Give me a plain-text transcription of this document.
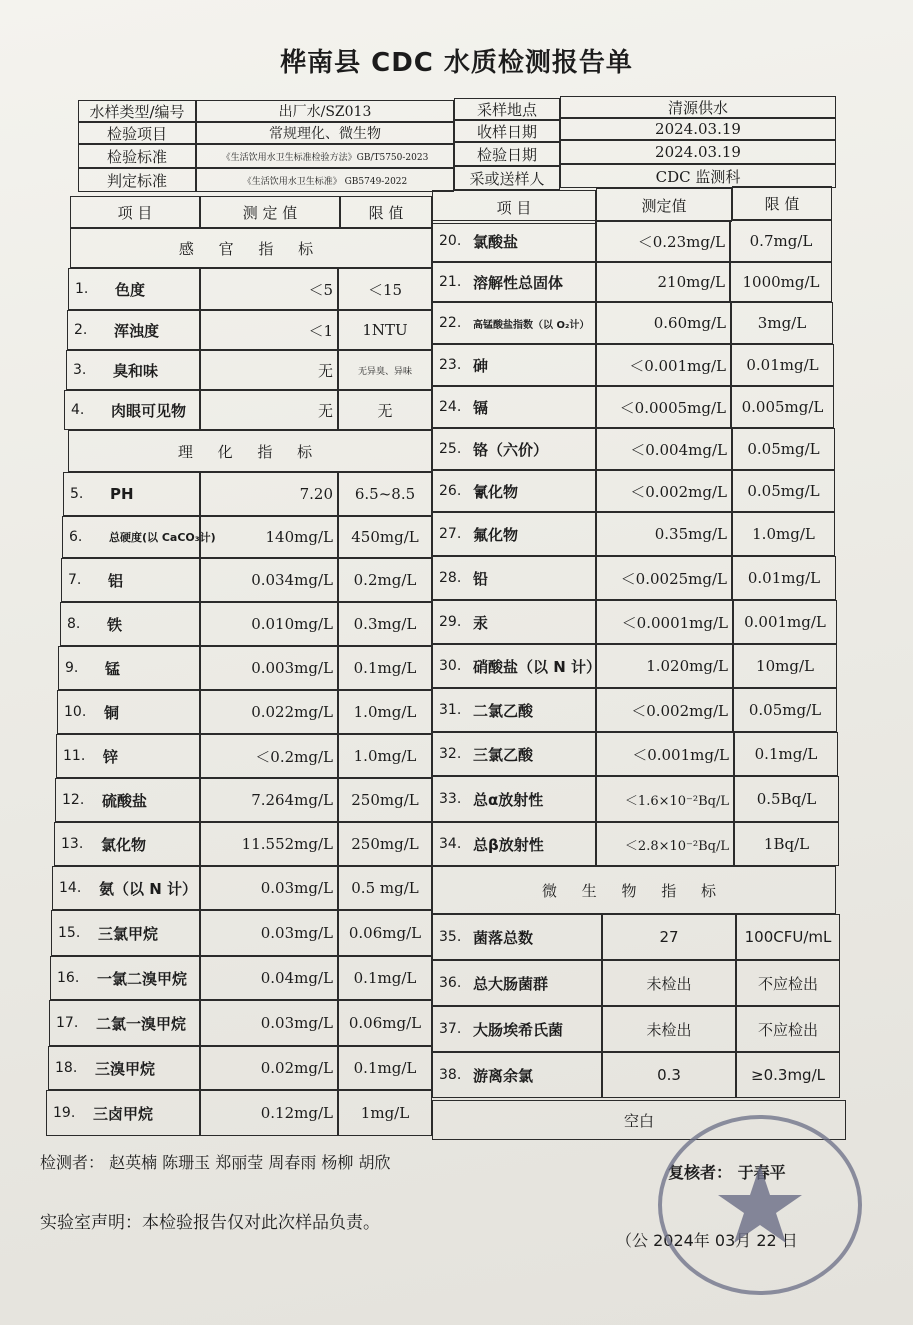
桦南县 CDC 水质检测报告单
水样类型/编号	出厂水/SZ013	采样地点	清源供水
检验项目	常规理化、微生物	收样日期	2024.03.19
检验标准	《生活饮用水卫生标准检验方法》GB/T5750-2023	检验日期	2024.03.19
判定标准	《生活饮用水卫生标准》 GB5749-2022	采或送样人	CDC 监测科
项 目	测 定 值	限 值	项 目	测定值	限 值
感 官 指 标
理 化 指 标
1.	色度	＜5	＜15
2.	浑浊度	＜1	1NTU
3.	臭和味	无	无异臭、异味
4.	肉眼可见物	无	无
5.	PH	7.20	6.5~8.5
6.	总硬度(以 CaCO₃计)	140mg/L	450mg/L
7.	铝	0.034mg/L	0.2mg/L
8.	铁	0.010mg/L	0.3mg/L
9.	锰	0.003mg/L	0.1mg/L
10.	铜	0.022mg/L	1.0mg/L
11.	锌	＜0.2mg/L	1.0mg/L
12.	硫酸盐	7.264mg/L	250mg/L
13.	氯化物	11.552mg/L	250mg/L
14.	氨（以 N 计）	0.03mg/L	0.5 mg/L
15.	三氯甲烷	0.03mg/L	0.06mg/L
16.	一氯二溴甲烷	0.04mg/L	0.1mg/L
17.	二氯一溴甲烷	0.03mg/L	0.06mg/L
18.	三溴甲烷	0.02mg/L	0.1mg/L
19.	三卤甲烷	0.12mg/L	1mg/L
20. 氯酸盐	＜0.23mg/L	0.7mg/L
21. 溶解性总固体	210mg/L	1000mg/L
22.	高锰酸盐指数（以 O₂计）	0.60mg/L	3mg/L
23. 砷	＜0.001mg/L	0.01mg/L
24. 镉	＜0.0005mg/L	0.005mg/L
25. 铬（六价）	＜0.004mg/L	0.05mg/L
26. 氰化物	＜0.002mg/L	0.05mg/L
27. 氟化物	0.35mg/L	1.0mg/L
28. 铅	＜0.0025mg/L	0.01mg/L
29. 汞	＜0.0001mg/L	0.001mg/L
30. 硝酸盐（以 N 计）	1.020mg/L	10mg/L
31. 二氯乙酸	＜0.002mg/L	0.05mg/L
32. 三氯乙酸	＜0.001mg/L	0.1mg/L
33. 总α放射性	＜1.6×10⁻²Bq/L	0.5Bq/L
34. 总β放射性	＜2.8×10⁻²Bq/L	1Bq/L
微 生 物 指 标
35. 菌落总数	27	100CFU/mL
36. 总大肠菌群	未检出	不应检出
37. 大肠埃希氏菌	未检出	不应检出
38. 游离余氯	0.3	≥0.3mg/L
空白
检测者： 赵英楠 陈珊玉 郑丽莹 周春雨 杨柳 胡欣
复核者： 于春平
实验室声明：本检验报告仅对此次样品负责。
（公 2024年 03月 22 日
